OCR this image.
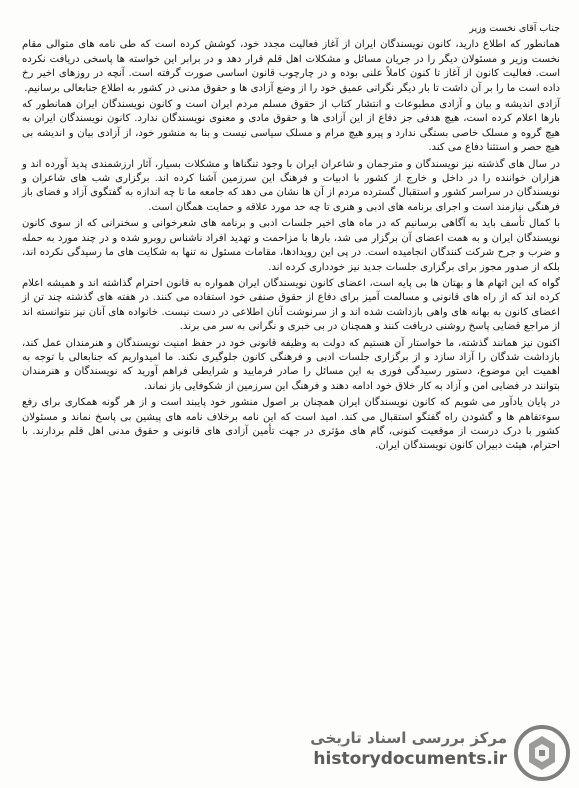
جناب آقای نخست وزیر

همانطور که اطلاع دارید، کانون نویسندگان ایران از آغاز فعالیت مجدد خود، کوشش کرده است که طی نامه های متوالی مقام نخست وزیر و مسئولان دیگر را در جریان مسائل و مشکلات اهل قلم قرار دهد و در برابر این خواسته ها پاسخی دریافت نکرده است. فعالیت کانون از آغاز تا کنون کاملاً علنی بوده و در چارچوب قانون اساسی صورت گرفته است. آنچه در روزهای اخیر رخ داده است ما را بر آن داشت تا بار دیگر نگرانی عمیق خود را از وضع آزادی ها و حقوق مدنی در کشور به اطلاع جنابعالی برسانیم.

آزادی اندیشه و بیان و آزادی مطبوعات و انتشار کتاب از حقوق مسلم مردم ایران است و کانون نویسندگان ایران همانطور که بارها اعلام کرده است، هیچ هدفی جز دفاع از این آزادی ها و حقوق مادی و معنوی نویسندگان ندارد. کانون نویسندگان ایران به هیچ گروه و مسلک خاصی بستگی ندارد و پیرو هیچ مرام و مسلک سیاسی نیست و بنا به منشور خود، از آزادی بیان و اندیشه بی هیچ حصر و استثنا دفاع می کند.

در سال های گذشته نیز نویسندگان و مترجمان و شاعران ایران با وجود تنگناها و مشکلات بسیار، آثار ارزشمندی پدید آورده اند و هزاران خواننده را در داخل و خارج از کشور با ادبیات و فرهنگ این سرزمین آشنا کرده اند. برگزاری شب های شاعران و نویسندگان در سراسر کشور و استقبال گسترده مردم از آن ها نشان می دهد که جامعه ما تا چه اندازه به گفتگوی آزاد و فضای باز فرهنگی نیازمند است و اجرای برنامه های ادبی و هنری تا چه حد مورد علاقه و حمایت همگان است.

با کمال تأسف باید به آگاهی برسانیم که در ماه های اخیر جلسات ادبی و برنامه های شعرخوانی و سخنرانی که از سوی کانون نویسندگان ایران و به همت اعضای آن برگزار می شد، بارها با مزاحمت و تهدید افراد ناشناس روبرو شده و در چند مورد به حمله و ضرب و جرح شرکت کنندگان انجامیده است. در پی این رویدادها، مقامات مسئول نه تنها به شکایت های ما رسیدگی نکرده اند، بلکه از صدور مجوز برای برگزاری جلسات جدید نیز خودداری کرده اند.

گواه که این اتهام ها و بهتان ها بی پایه است، اعضای کانون نویسندگان ایران همواره به قانون احترام گذاشته اند و همیشه اعلام کرده اند که از راه های قانونی و مسالمت آمیز برای دفاع از حقوق صنفی خود استفاده می کنند. در هفته های گذشته چند تن از اعضای کانون به بهانه های واهی بازداشت شده اند و از سرنوشت آنان اطلاعی در دست نیست. خانواده های آنان نیز نتوانسته اند از مراجع قضایی پاسخ روشنی دریافت کنند و همچنان در بی خبری و نگرانی به سر می برند.

اکنون نیز همانند گذشته، ما خواستار آن هستیم که دولت به وظیفه قانونی خود در حفظ امنیت نویسندگان و هنرمندان عمل کند، بازداشت شدگان را آزاد سازد و از برگزاری جلسات ادبی و فرهنگی کانون جلوگیری نکند. ما امیدواریم که جنابعالی با توجه به اهمیت این موضوع، دستور رسیدگی فوری به این مسائل را صادر فرمایید و شرایطی فراهم آورید که نویسندگان و هنرمندان بتوانند در فضایی امن و آزاد به کار خلاق خود ادامه دهند و فرهنگ این سرزمین از شکوفایی باز نماند.

در پایان یادآور می شویم که کانون نویسندگان ایران همچنان بر اصول منشور خود پایبند است و از هر گونه همکاری برای رفع سوءتفاهم ها و گشودن راه گفتگو استقبال می کند. امید است که این نامه برخلاف نامه های پیشین بی پاسخ نماند و مسئولان کشور با درک درست از موقعیت کنونی، گام های مؤثری در جهت تأمین آزادی های قانونی و حقوق مدنی اهل قلم بردارند. با احترام، هیئت دبیران کانون نویسندگان ایران.

مرکز بررسی اسناد تاریخی
historydocuments.ir
